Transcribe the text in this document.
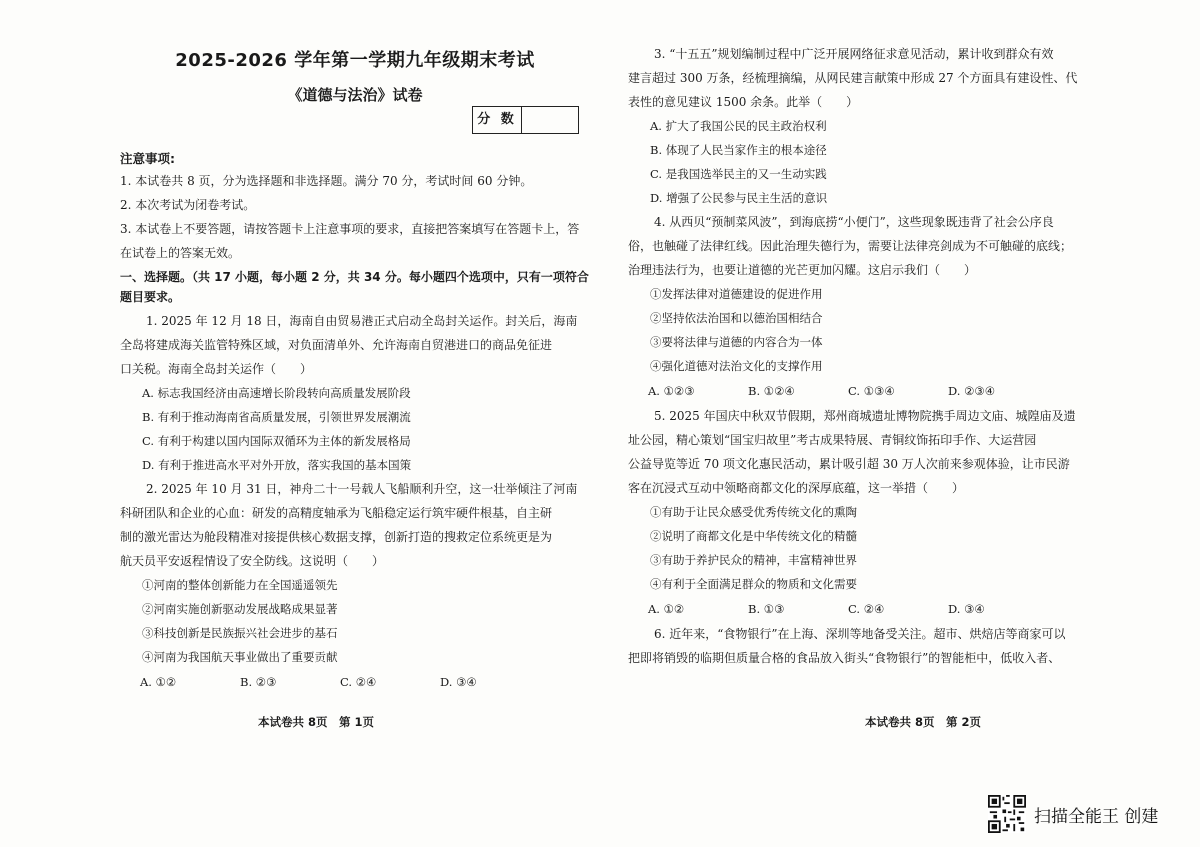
2025-2026 学年第一学期九年级期末考试
《道德与法治》试卷
分 数
注意事项:
1. 本试卷共 8 页，分为选择题和非选择题。满分 70 分，考试时间 60 分钟。
2. 本次考试为闭卷考试。
3. 本试卷上不要答题，请按答题卡上注意事项的要求，直接把答案填写在答题卡上，答
在试卷上的答案无效。
一、选择题。（共 17 小题，每小题 2 分，共 34 分。每小题四个选项中，只有一项符合
题目要求。
1. 2025 年 12 月 18 日，海南自由贸易港正式启动全岛封关运作。封关后，海南
全岛将建成海关监管特殊区域，对负面清单外、允许海南自贸港进口的商品免征进
口关税。海南全岛封关运作（　　）
A. 标志我国经济由高速增长阶段转向高质量发展阶段
B. 有利于推动海南省高质量发展，引领世界发展潮流
C. 有利于构建以国内国际双循环为主体的新发展格局
D. 有利于推进高水平对外开放，落实我国的基本国策
2. 2025 年 10 月 31 日，神舟二十一号载人飞船顺利升空，这一壮举倾注了河南
科研团队和企业的心血：研发的高精度轴承为飞船稳定运行筑牢硬件根基，自主研
制的激光雷达为舱段精准对接提供核心数据支撑，创新打造的搜救定位系统更是为
航天员平安返程情设了安全防线。这说明（　　）
①河南的整体创新能力在全国遥遥领先
②河南实施创新驱动发展战略成果显著
③科技创新是民族振兴社会进步的基石
④河南为我国航天事业做出了重要贡献
A. ①②	B. ②③	C. ②④	D. ③④
3. “十五五”规划编制过程中广泛开展网络征求意见活动，累计收到群众有效
建言超过 300 万条，经梳理摘编，从网民建言献策中形成 27 个方面具有建设性、代
表性的意见建议 1500 余条。此举（　　）
A. 扩大了我国公民的民主政治权利
B. 体现了人民当家作主的根本途径
C. 是我国选举民主的又一生动实践
D. 增强了公民参与民主生活的意识
4. 从西贝“预制菜风波”，到海底捞“小便门”，这些现象既违背了社会公序良
俗，也触碰了法律红线。因此治理失德行为，需要让法律亮剑成为不可触碰的底线；
治理违法行为，也要让道德的光芒更加闪耀。这启示我们（　　）
①发挥法律对道德建设的促进作用
②坚持依法治国和以德治国相结合
③要将法律与道德的内容合为一体
④强化道德对法治文化的支撑作用
A. ①②③	B. ①②④	C. ①③④	D. ②③④
5. 2025 年国庆中秋双节假期，郑州商城遗址博物院携手周边文庙、城隍庙及遗
址公园，精心策划“国宝归故里”考古成果特展、青铜纹饰拓印手作、大运营园
公益导览等近 70 项文化惠民活动，累计吸引超 30 万人次前来参观体验，让市民游
客在沉浸式互动中领略商都文化的深厚底蕴，这一举措（　　）
①有助于让民众感受优秀传统文化的熏陶
②说明了商都文化是中华传统文化的精髓
③有助于养护民众的精神，丰富精神世界
④有利于全面满足群众的物质和文化需要
A. ①②	B. ①③	C. ②④	D. ③④
6. 近年来，“食物银行”在上海、深圳等地备受关注。超市、烘焙店等商家可以
把即将销毁的临期但质量合格的食品放入街头“食物银行”的智能柜中，低收入者、
本试卷共 8页　第 1页	本试卷共 8页　第 2页
扫描全能王 创建
